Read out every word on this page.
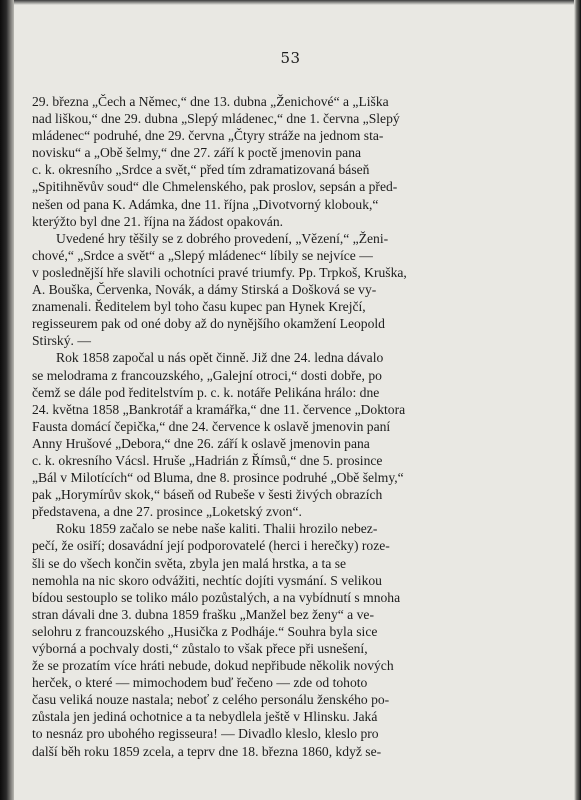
53
29. března „Čech a Němec,“ dne 13. dubna „Ženichové“ a „Liška
nad liškou,“ dne 29. dubna „Slepý mládenec,“ dne 1. června „Slepý
mládenec“ podruhé, dne 29. června „Čtyry stráže na jednom sta-
novisku“ a „Obě šelmy,“ dne 27. září k poctě jmenovin pana
c. k. okresního „Srdce a svět,“ před tím zdramatizovaná báseň
„Spitihněvův soud“ dle Chmelenského, pak proslov, sepsán a před-
nešen od pana K. Adámka, dne 11. října „Divotvorný klobouk,“
kterýžto byl dne 21. října na žádost opakován.
Uvedené hry těšily se z dobrého provedení, „Vězení,“ „Ženi-
chové,“ „Srdce a svět“ a „Slepý mládenec“ líbily se nejvíce —
v poslednější hře slavili ochotníci pravé triumfy. Pp. Trpkoš, Kruška,
A. Bouška, Červenka, Novák, a dámy Stirská a Došková se vy-
znamenali. Ředitelem byl toho času kupec pan Hynek Krejčí,
regisseurem pak od oné doby až do nynějšího okamžení Leopold
Stirský. —
Rok 1858 započal u nás opět činně. Již dne 24. ledna dávalo
se melodrama z francouzského, „Galejní otroci,“ dosti dobře, po
čemž se dále pod ředitelstvím p. c. k. notáře Pelikána hrálo: dne
24. května 1858 „Bankrotář a kramářka,“ dne 11. července „Doktora
Fausta domácí čepička,“ dne 24. července k oslavě jmenovin paní
Anny Hrušové „Debora,“ dne 26. září k oslavě jmenovin pana
c. k. okresního Vácsl. Hruše „Hadrián z Římsů,“ dne 5. prosince
„Bál v Milotících“ od Bluma, dne 8. prosince podruhé „Obě šelmy,“
pak „Horymírův skok,“ báseň od Rubeše v šesti živých obrazích
představena, a dne 27. prosince „Loketský zvon“.
Roku 1859 začalo se nebe naše kaliti. Thalii hrozilo nebez-
pečí, že osiří; dosavádní její podporovatelé (herci i herečky) roze-
šli se do všech končin světa, zbyla jen malá hrstka, a ta se
nemohla na nic skoro odvážiti, nechtíc dojíti vysmání. S velikou
bídou sestouplo se toliko málo pozůstalých, a na vybídnutí s mnoha
stran dávali dne 3. dubna 1859 frašku „Manžel bez ženy“ a ve-
selohru z francouzského „Husička z Podháje.“ Souhra byla sice
výborná a pochvaly dosti,“ zůstalo to však přece při usnešení,
že se prozatím více hráti nebude, dokud nepřibude několik nových
herček, o které — mimochodem buď řečeno — zde od tohoto
času veliká nouze nastala; neboť z celého personálu ženského po-
zůstala jen jediná ochotnice a ta nebydlela ještě v Hlinsku. Jaká
to nesnáz pro ubohého regisseura! — Divadlo kleslo, kleslo pro
další běh roku 1859 zcela, a teprv dne 18. března 1860, když se-
